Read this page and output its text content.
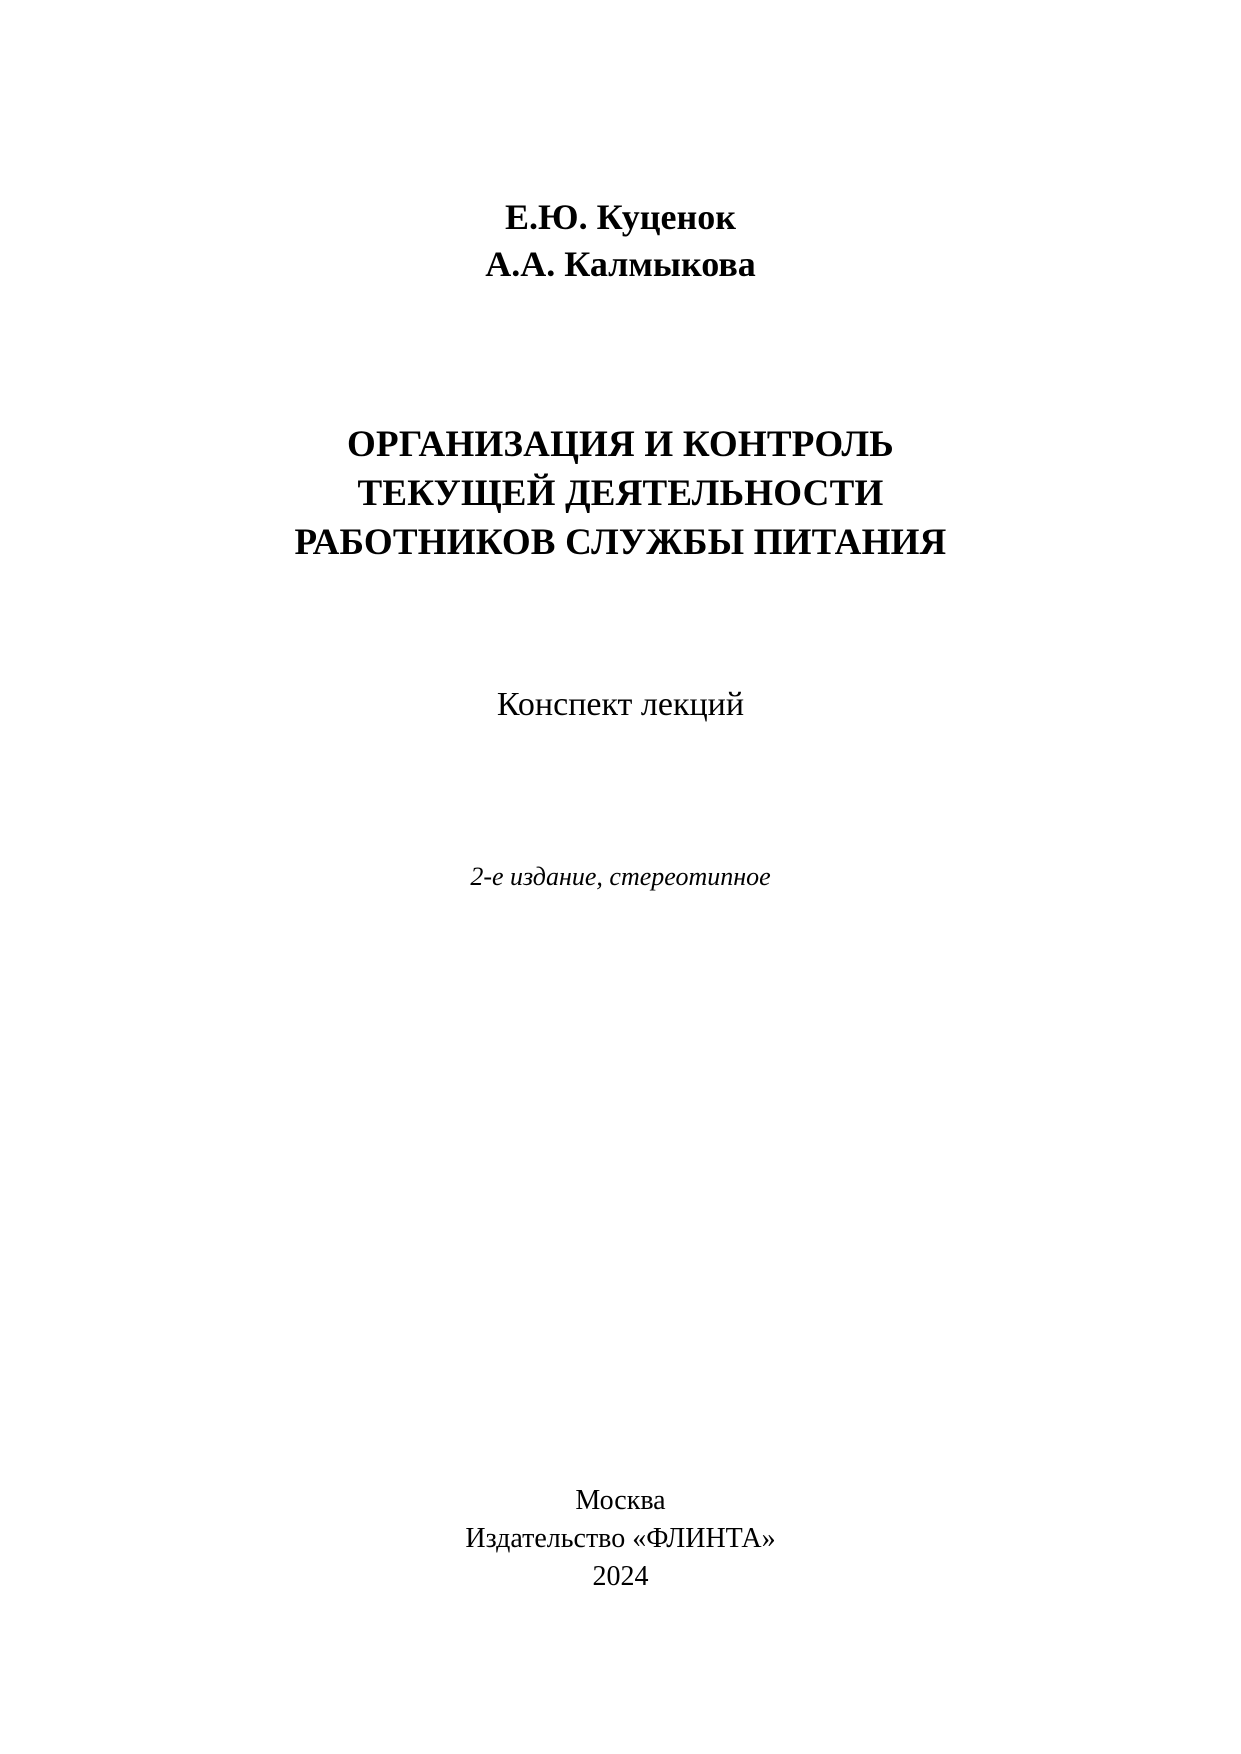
Е.Ю. Куценок
А.А. Калмыкова
ОРГАНИЗАЦИЯ И КОНТРОЛЬ
ТЕКУЩЕЙ ДЕЯТЕЛЬНОСТИ
РАБОТНИКОВ СЛУЖБЫ ПИТАНИЯ
Конспект лекций
2-е издание, стереотипное
Москва
Издательство «ФЛИНТА»
2024
